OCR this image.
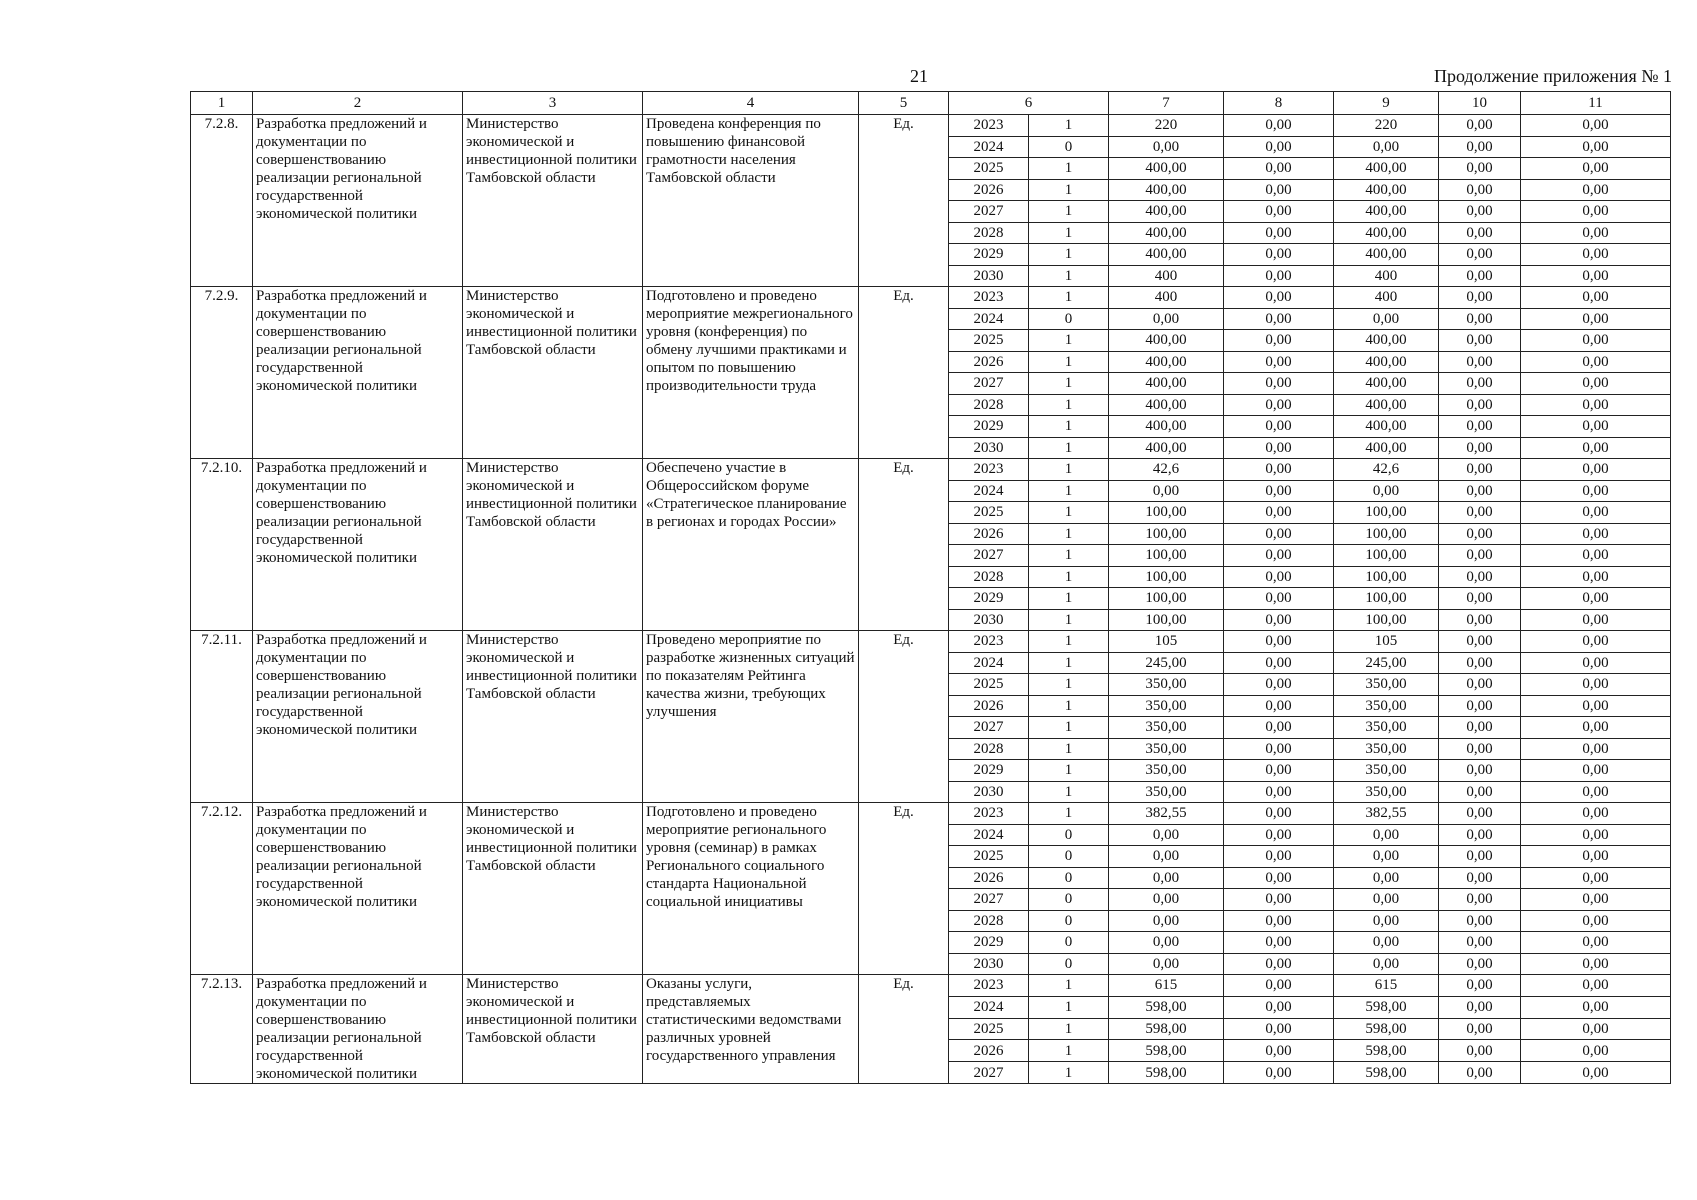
21	Продолжение приложения № 1
1	2	3	4	5	6		7	8	9	10	11
7.2.8.	Разработка предложений и документации по совершенствованию реализации региональной государственной экономической политики	Министерство экономической и инвестиционной политики Тамбовской области	Проведена конференция по повышению финансовой грамотности населения Тамбовской области	Ед.	2023	1	220	0,00	220	0,00	0,00
					2024	0	0,00	0,00	0,00	0,00	0,00
					2025	1	400,00	0,00	400,00	0,00	0,00
					2026	1	400,00	0,00	400,00	0,00	0,00
					2027	1	400,00	0,00	400,00	0,00	0,00
					2028	1	400,00	0,00	400,00	0,00	0,00
					2029	1	400,00	0,00	400,00	0,00	0,00
					2030	1	400	0,00	400	0,00	0,00
7.2.9.	Разработка предложений и документации по совершенствованию реализации региональной государственной экономической политики	Министерство экономической и инвестиционной политики Тамбовской области	Подготовлено и проведено мероприятие межрегионального уровня (конференция) по обмену лучшими практиками и опытом по повышению производительности труда	Ед.	2023	1	400	0,00	400	0,00	0,00
					2024	0	0,00	0,00	0,00	0,00	0,00
					2025	1	400,00	0,00	400,00	0,00	0,00
					2026	1	400,00	0,00	400,00	0,00	0,00
					2027	1	400,00	0,00	400,00	0,00	0,00
					2028	1	400,00	0,00	400,00	0,00	0,00
					2029	1	400,00	0,00	400,00	0,00	0,00
					2030	1	400,00	0,00	400,00	0,00	0,00
7.2.10.	Разработка предложений и документации по совершенствованию реализации региональной государственной экономической политики	Министерство экономической и инвестиционной политики Тамбовской области	Обеспечено участие в Общероссийском форуме «Стратегическое планирование в регионах и городах России»	Ед.	2023	1	42,6	0,00	42,6	0,00	0,00
					2024	1	0,00	0,00	0,00	0,00	0,00
					2025	1	100,00	0,00	100,00	0,00	0,00
					2026	1	100,00	0,00	100,00	0,00	0,00
					2027	1	100,00	0,00	100,00	0,00	0,00
					2028	1	100,00	0,00	100,00	0,00	0,00
					2029	1	100,00	0,00	100,00	0,00	0,00
					2030	1	100,00	0,00	100,00	0,00	0,00
7.2.11.	Разработка предложений и документации по совершенствованию реализации региональной государственной экономической политики	Министерство экономической и инвестиционной политики Тамбовской области	Проведено мероприятие по разработке жизненных ситуаций по показателям Рейтинга качества жизни, требующих улучшения	Ед.	2023	1	105	0,00	105	0,00	0,00
					2024	1	245,00	0,00	245,00	0,00	0,00
					2025	1	350,00	0,00	350,00	0,00	0,00
					2026	1	350,00	0,00	350,00	0,00	0,00
					2027	1	350,00	0,00	350,00	0,00	0,00
					2028	1	350,00	0,00	350,00	0,00	0,00
					2029	1	350,00	0,00	350,00	0,00	0,00
					2030	1	350,00	0,00	350,00	0,00	0,00
7.2.12.	Разработка предложений и документации по совершенствованию реализации региональной государственной экономической политики	Министерство экономической и инвестиционной политики Тамбовской области	Подготовлено и проведено мероприятие регионального уровня (семинар) в рамках Регионального социального стандарта Национальной социальной инициативы	Ед.	2023	1	382,55	0,00	382,55	0,00	0,00
					2024	0	0,00	0,00	0,00	0,00	0,00
					2025	0	0,00	0,00	0,00	0,00	0,00
					2026	0	0,00	0,00	0,00	0,00	0,00
					2027	0	0,00	0,00	0,00	0,00	0,00
					2028	0	0,00	0,00	0,00	0,00	0,00
					2029	0	0,00	0,00	0,00	0,00	0,00
					2030	0	0,00	0,00	0,00	0,00	0,00
7.2.13.	Разработка предложений и документации по совершенствованию реализации региональной государственной экономической политики	Министерство экономической и инвестиционной политики Тамбовской области	Оказаны услуги, представляемых статистическими ведомствами различных уровней государственного управления	Ед.	2023	1	615	0,00	615	0,00	0,00
					2024	1	598,00	0,00	598,00	0,00	0,00
					2025	1	598,00	0,00	598,00	0,00	0,00
					2026	1	598,00	0,00	598,00	0,00	0,00
					2027	1	598,00	0,00	598,00	0,00	0,00
